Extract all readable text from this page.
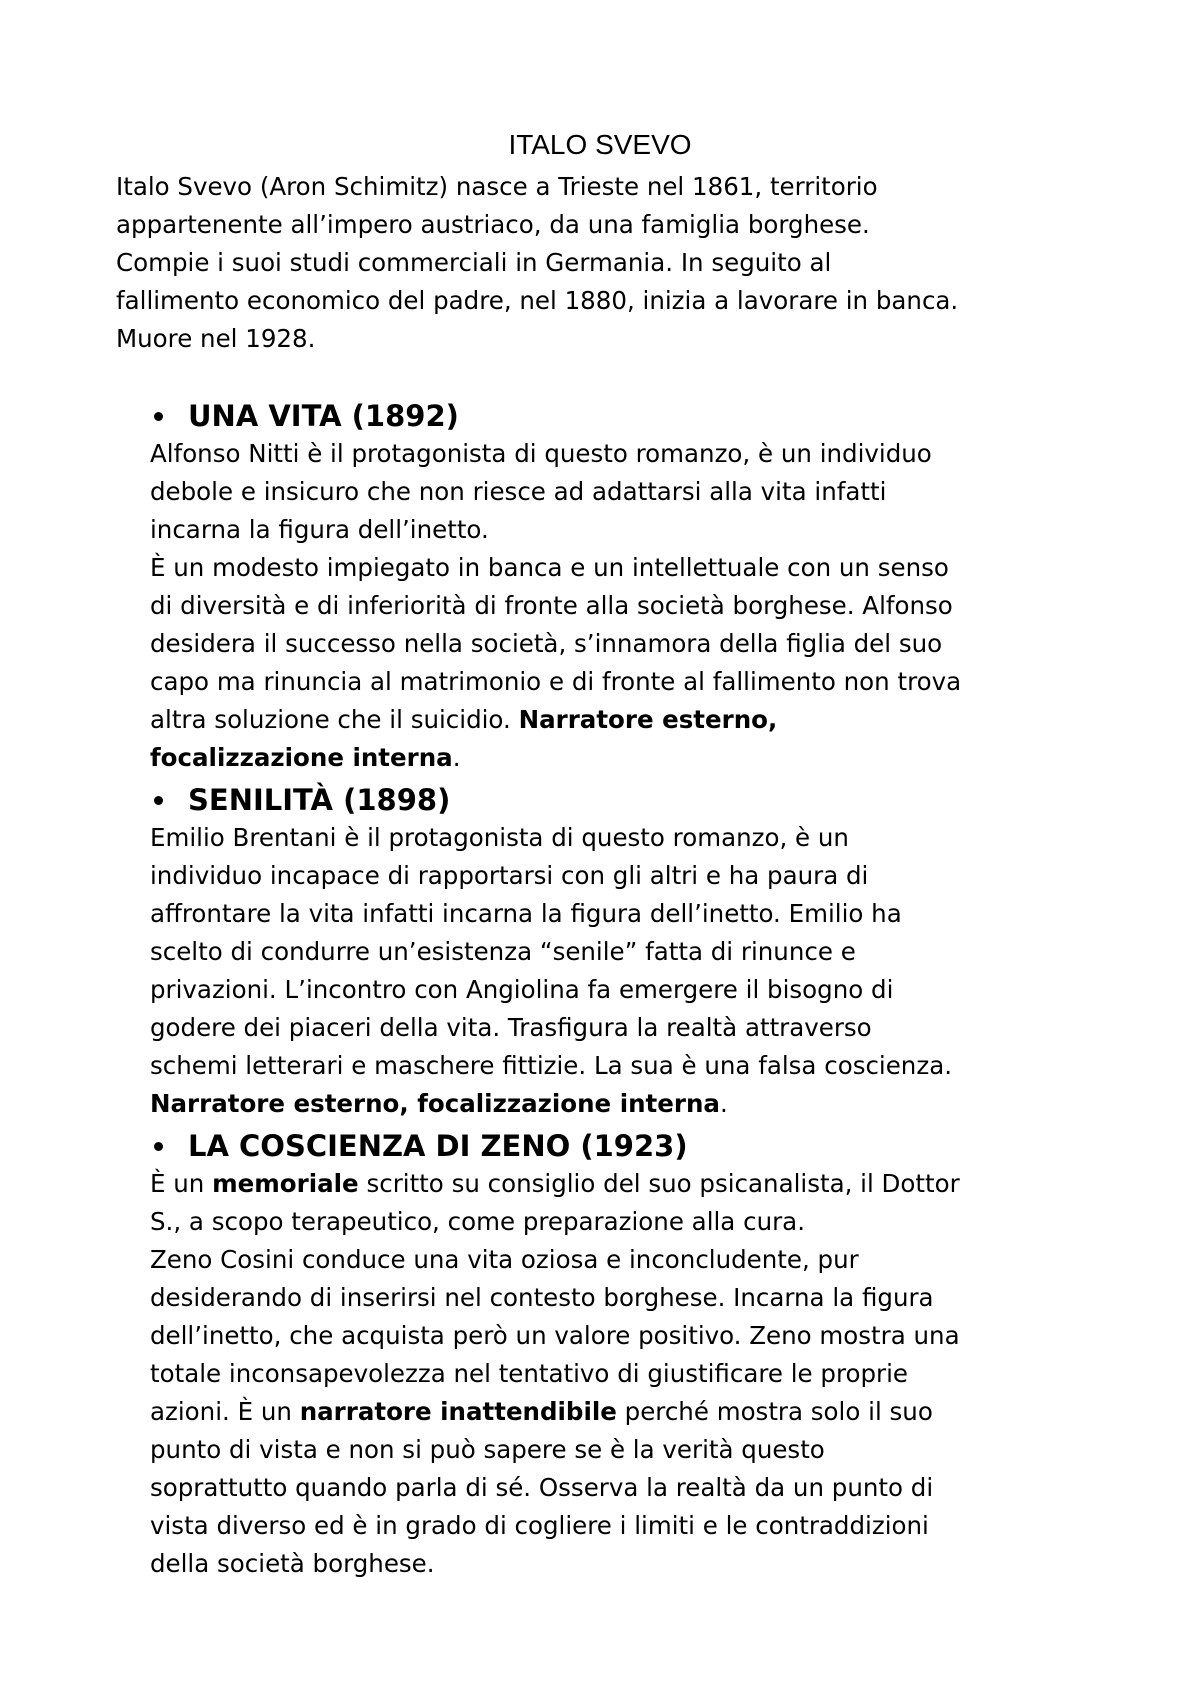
ITALO SVEVO
Italo Svevo (Aron Schimitz) nasce a Trieste nel 1861, territorio
appartenente all’impero austriaco, da una famiglia borghese.
Compie i suoi studi commerciali in Germania. In seguito al
fallimento economico del padre, nel 1880, inizia a lavorare in banca.
Muore nel 1928.
UNA VITA (1892)

Alfonso Nitti è il protagonista di questo romanzo, è un individuo
debole e insicuro che non riesce ad adattarsi alla vita infatti
incarna la figura dell’inetto.
È un modesto impiegato in banca e un intellettuale con un senso
di diversità e di inferiorità di fronte alla società borghese. Alfonso
desidera il successo nella società, s’innamora della figlia del suo
capo ma rinuncia al matrimonio e di fronte al fallimento non trova
altra soluzione che il suicidio. Narratore esterno,
focalizzazione interna.

SENILITÀ (1898)

Emilio Brentani è il protagonista di questo romanzo, è un
individuo incapace di rapportarsi con gli altri e ha paura di
affrontare la vita infatti incarna la figura dell’inetto. Emilio ha
scelto di condurre un’esistenza “senile” fatta di rinunce e
privazioni. L’incontro con Angiolina fa emergere il bisogno di
godere dei piaceri della vita. Trasfigura la realtà attraverso
schemi letterari e maschere fittizie. La sua è una falsa coscienza.
Narratore esterno, focalizzazione interna.

LA COSCIENZA DI ZENO (1923)

È un memoriale scritto su consiglio del suo psicanalista, il Dottor
S., a scopo terapeutico, come preparazione alla cura.
Zeno Cosini conduce una vita oziosa e inconcludente, pur
desiderando di inserirsi nel contesto borghese. Incarna la figura
dell’inetto, che acquista però un valore positivo. Zeno mostra una
totale inconsapevolezza nel tentativo di giustificare le proprie
azioni. È un narratore inattendibile perché mostra solo il suo
punto di vista e non si può sapere se è la verità questo
soprattutto quando parla di sé. Osserva la realtà da un punto di
vista diverso ed è in grado di cogliere i limiti e le contraddizioni
della società borghese.
